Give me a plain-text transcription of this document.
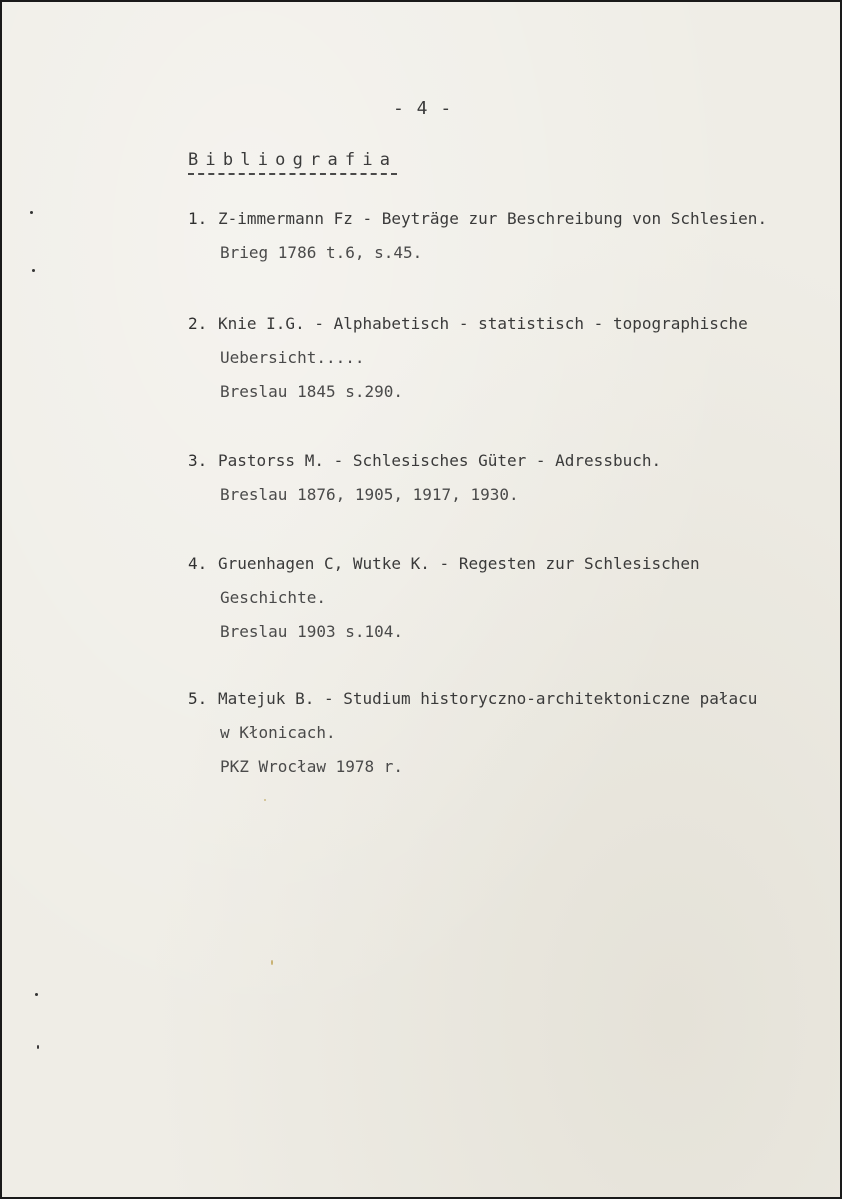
- 4 -
Bibliografia
1. Z-immermann Fz - Beyträge zur Beschreibung von Schlesien.
Brieg 1786 t.6, s.45.
2. Knie I.G. - Alphabetisch - statistisch - topographische
Uebersicht.....
Breslau 1845 s.290.
3. Pastorss M. - Schlesisches Güter - Adressbuch.
Breslau 1876, 1905, 1917, 1930.
4. Gruenhagen C, Wutke K. - Regesten zur Schlesischen
Geschichte.
Breslau 1903 s.104.
5. Matejuk B. - Studium historyczno-architektoniczne pałacu
w Kłonicach.
PKZ Wrocław 1978 r.
